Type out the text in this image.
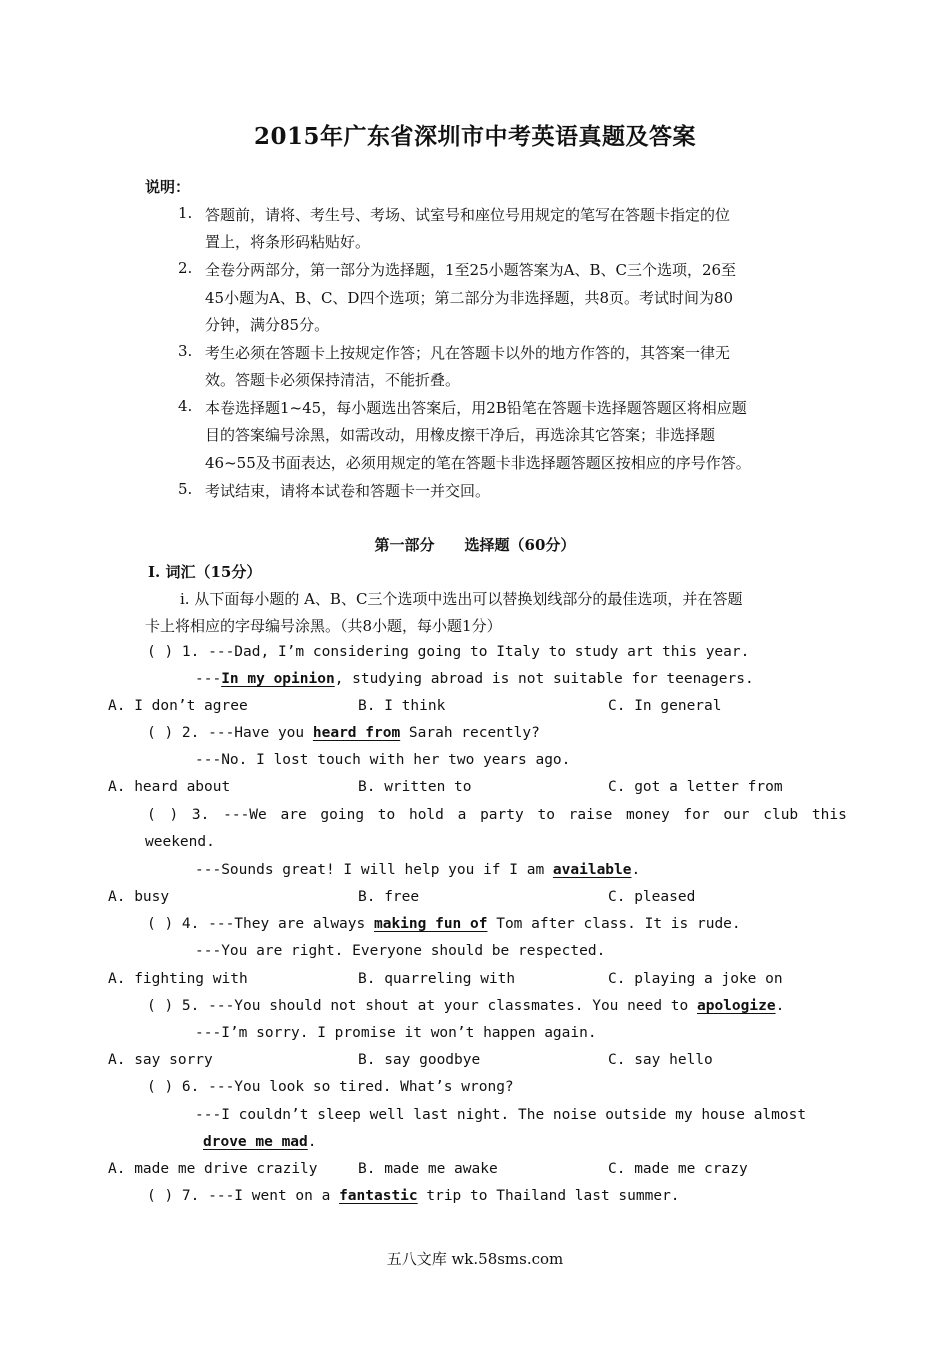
2015年广东省深圳市中考英语真题及答案
说明：
1. 答题前，请将、考生号、考场、试室号和座位号用规定的笔写在答题卡指定的位
置上，将条形码粘贴好。
2. 全卷分两部分，第一部分为选择题，1至25小题答案为A、B、C三个选项，26至
45小题为A、B、C、D四个选项；第二部分为非选择题，共8页。考试时间为80
分钟，满分85分。
3. 考生必须在答题卡上按规定作答；凡在答题卡以外的地方作答的，其答案一律无
效。答题卡必须保持清洁，不能折叠。
4. 本卷选择题1~45，每小题选出答案后，用2B铅笔在答题卡选择题答题区将相应题
目的答案编号涂黑，如需改动，用橡皮擦干净后，再选涂其它答案；非选择题
46~55及书面表达，必须用规定的笔在答题卡非选择题答题区按相应的序号作答。
5. 考试结束，请将本试卷和答题卡一并交回。
第一部分　　选择题（60分）
Ⅰ. 词汇（15分）
ⅰ. 从下面每小题的 A、B、C三个选项中选出可以替换划线部分的最佳选项，并在答题
卡上将相应的字母编号涂黑。（共8小题，每小题1分）
( ) 1. ---Dad, I’m considering going to Italy to study art this year.
---In my opinion, studying abroad is not suitable for teenagers.
A. I don’t agree	B. I think	C. In general
( ) 2. ---Have you heard from Sarah recently?
---No. I lost touch with her two years ago.
A. heard about	B. written to	C. got a letter from
( ) 3. ---We are going to hold a party to raise money for our club this
weekend.
---Sounds great! I will help you if I am available.
A. busy	B. free	C. pleased
( ) 4. ---They are always making fun of Tom after class. It is rude.
---You are right. Everyone should be respected.
A. fighting with	B. quarreling with	C. playing a joke on
( ) 5. ---You should not shout at your classmates. You need to apologize.
---I’m sorry. I promise it won’t happen again.
A. say sorry	B. say goodbye	C. say hello
( ) 6. ---You look so tired. What’s wrong?
---I couldn’t sleep well last night. The noise outside my house almost
drove me mad.
A. made me drive crazily	B. made me awake	C. made me crazy
( ) 7. ---I went on a fantastic trip to Thailand last summer.
五八文库 wk.58sms.com
